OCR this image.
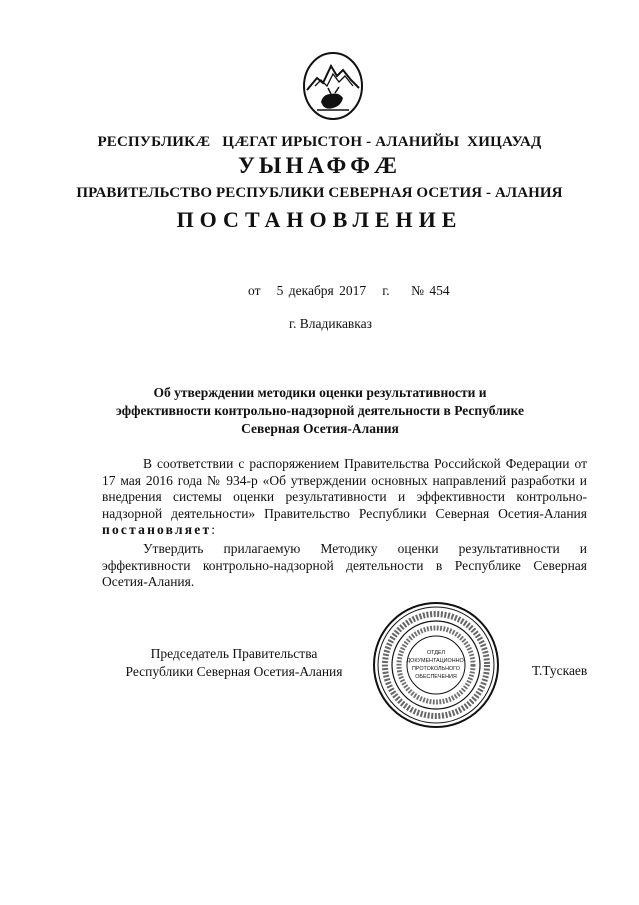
РЕСПУБЛИКӔ   ЦӔГАТ ИРЫСТОН - АЛАНИЙЫ  ХИЦАУАД
УЫНАФФӔ
ПРАВИТЕЛЬСТВО РЕСПУБЛИКИ СЕВЕРНАЯ ОСЕТИЯ - АЛАНИЯ
ПОСТАНОВЛЕНИЕ
от 5 декабря 2017 г. № 454
г. Владикавказ
Об утверждении методики оценки результативности и
эффективности контрольно-надзорной деятельности в Республике
Северная Осетия-Алания
В соответствии с распоряжением Правительства Российской Федерации от 17 мая 2016 года № 934-р «Об утверждении основных направлений разработки и внедрения системы оценки результативности и эффективности контрольно-надзорной деятельности» Правительство Республики Северная Осетия-Алания постановляет:
Утвердить прилагаемую Методику оценки результативности и эффективности контрольно-надзорной деятельности в Республике Северная Осетия-Алания.
Председатель Правительства
Республики Северная Осетия-Алания
ОТДЕЛ
ДОКУМЕНТАЦИОННО-
ПРОТОКОЛЬНОГО
ОБЕСПЕЧЕНИЯ	Т.Тускаев
